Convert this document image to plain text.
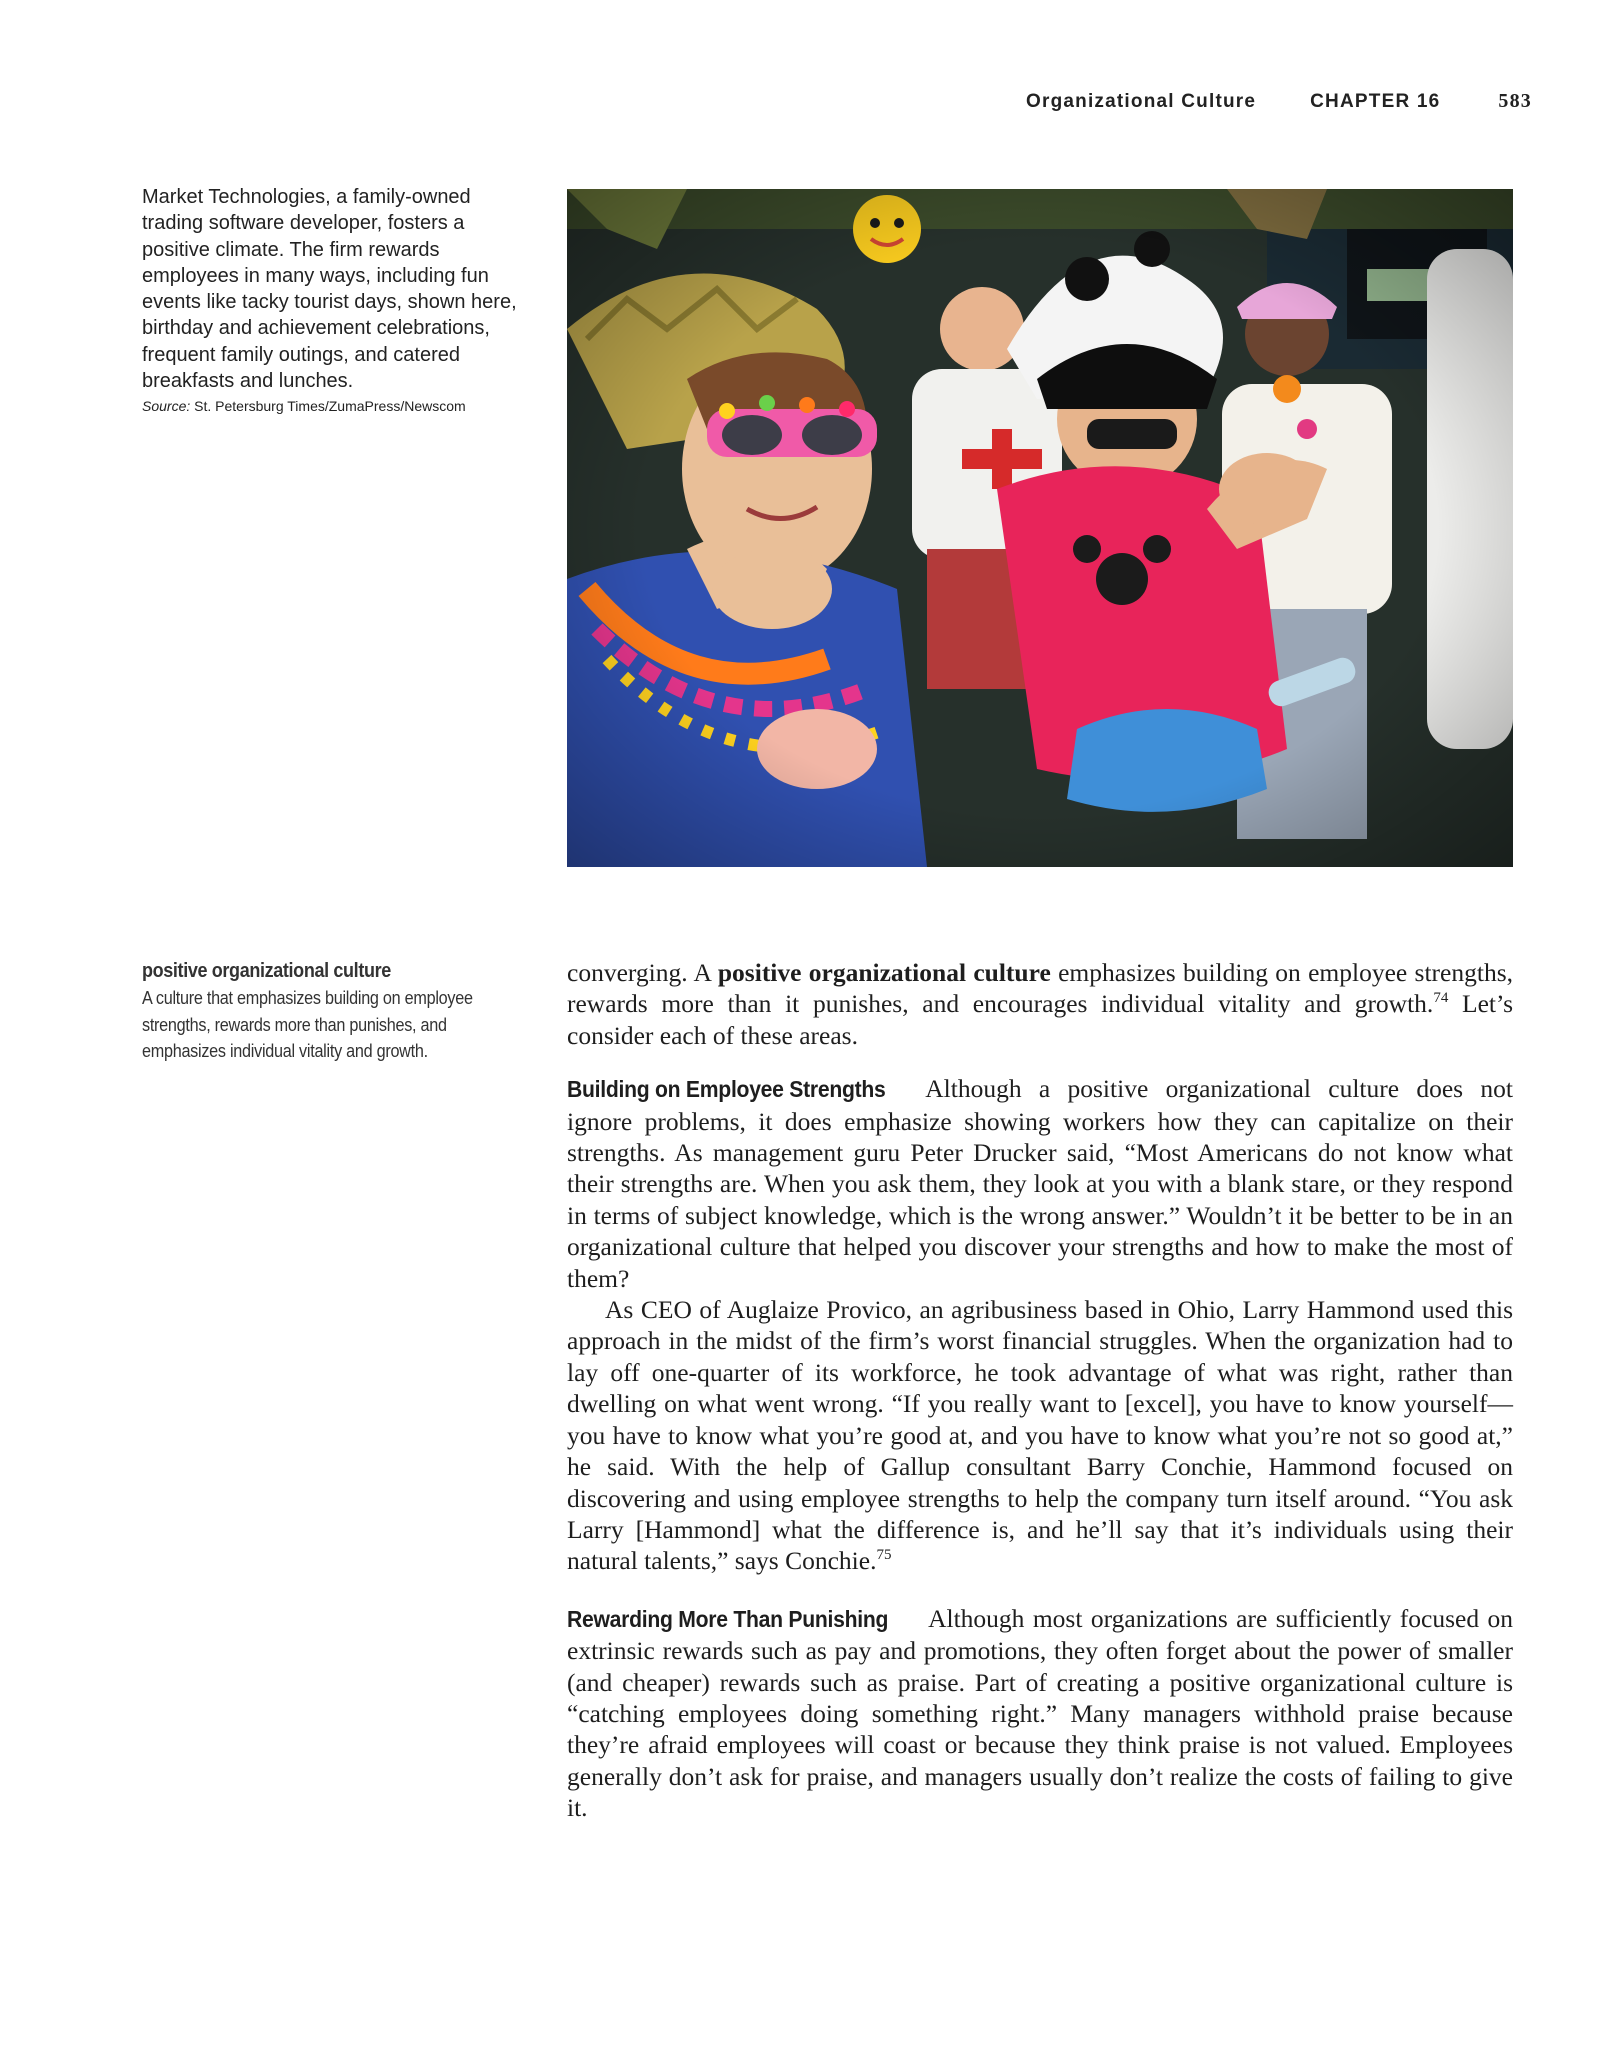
Organizational Culture	CHAPTER 16	583
Market Technologies, a family-owned trading software developer, fosters a positive climate. The firm rewards employees in many ways, including fun events like tacky tourist days, shown here, birthday and achievement celebrations, frequent family outings, and catered breakfasts and lunches.
Source: St. Petersburg Times/ZumaPress/Newscom
positive organizational culture
A culture that emphasizes building on employee strengths, rewards more than punishes, and emphasizes individual vitality and growth.

converging. A positive organizational culture emphasizes building on employee strengths, rewards more than it punishes, and encourages individual vitality and growth.$^{74}$ Let’s consider each of these areas.

Building on Employee Strengths Although a positive organizational culture does not ignore problems, it does emphasize showing workers how they can capitalize on their strengths. As management guru Peter Drucker said, “Most Americans do not know what their strengths are. When you ask them, they look at you with a blank stare, or they respond in terms of subject knowledge, which is the wrong answer.” Wouldn’t it be better to be in an organizational culture that helped you discover your strengths and how to make the most of them?

As CEO of Auglaize Provico, an agribusiness based in Ohio, Larry Hammond used this approach in the midst of the firm’s worst financial struggles. When the organization had to lay off one-quarter of its workforce, he took advantage of what was right, rather than dwelling on what went wrong. “If you really want to [excel], you have to know yourself—you have to know what you’re good at, and you have to know what you’re not so good at,” he said. With the help of Gallup consultant Barry Conchie, Hammond focused on discovering and using employee strengths to help the company turn itself around. “You ask Larry [Hammond] what the difference is, and he’ll say that it’s individuals using their natural talents,” says Conchie.$^{75}$

Rewarding More Than Punishing Although most organizations are sufficiently focused on extrinsic rewards such as pay and promotions, they often forget about the power of smaller (and cheaper) rewards such as praise. Part of creating a positive organizational culture is “catching employees doing something right.” Many managers withhold praise because they’re afraid employees will coast or because they think praise is not valued. Employees generally don’t ask for praise, and managers usually don’t realize the costs of failing to give it.
